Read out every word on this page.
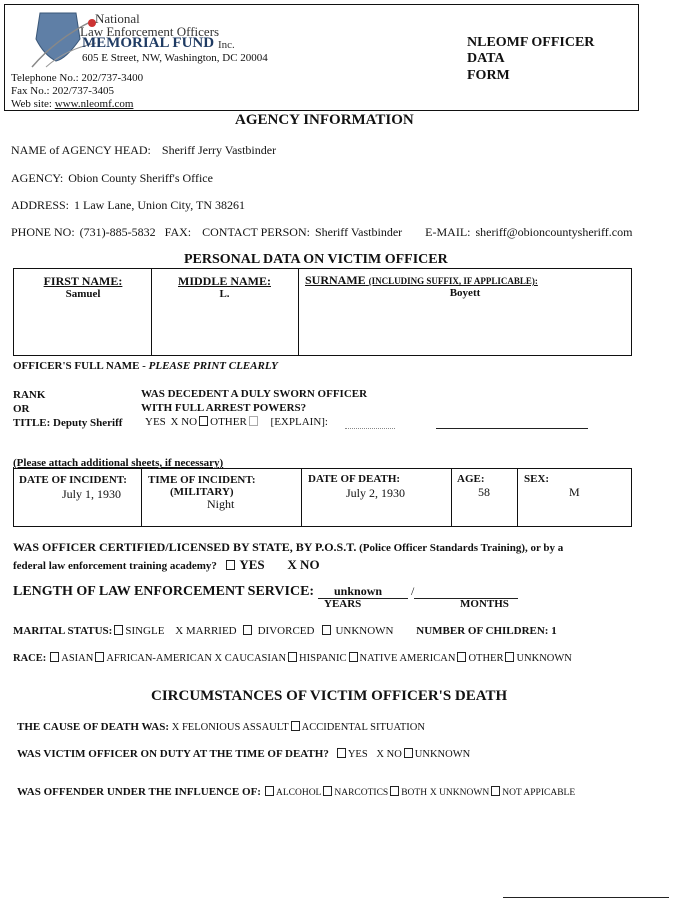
National
Law Enforcement Officers
MEMORIAL FUND Inc.
605 E Street, NW, Washington, DC 20004
Telephone No.: 202/737-3400
Fax No.: 202/737-3405
Web site: www.nleomf.com
NLEOMF OFFICER
DATA
FORM
AGENCY INFORMATION
NAME of AGENCY HEAD: Sheriff Jerry Vastbinder
AGENCY: Obion County Sheriff's Office
ADDRESS: 1 Law Lane, Union City, TN 38261
PHONE NO: (731)-885-5832 FAX: CONTACT PERSON: Sheriff Vastbinder E-MAIL: sheriff@obioncountysheriff.com
PERSONAL DATA ON VICTIM OFFICER
FIRST NAME:
Samuel
MIDDLE NAME:
L.
SURNAME (INCLUDING SUFFIX, IF APPLICABLE):
Boyett
OFFICER'S FULL NAME - PLEASE PRINT CLEARLY
RANK
OR
TITLE: Deputy Sheriff
WAS DECEDENT A DULY SWORN OFFICER
WITH FULL ARREST POWERS?
YES X NO OTHER [EXPLAIN]:
(Please attach additional sheets, if necessary)
DATE OF INCIDENT:
July 1, 1930
TIME OF INCIDENT:
(MILITARY)
Night
DATE OF DEATH:
July 2, 1930
AGE:
58
SEX:
M
WAS OFFICER CERTIFIED/LICENSED BY STATE, BY P.O.S.T. (Police Officer Standards Training), or by a
federal law enforcement training academy? YES X NO
LENGTH OF LAW ENFORCEMENT SERVICE: unknown /
YEARS	MONTHS
MARITAL STATUS: SINGLE X MARRIED DIVORCED UNKNOWN NUMBER OF CHILDREN: 1
RACE: ASIAN AFRICAN-AMERICAN X CAUCASIAN HISPANIC NATIVE AMERICAN OTHER UNKNOWN
CIRCUMSTANCES OF VICTIM OFFICER'S DEATH
THE CAUSE OF DEATH WAS: X FELONIOUS ASSAULT ACCIDENTAL SITUATION
WAS VICTIM OFFICER ON DUTY AT THE TIME OF DEATH? YES X NO UNKNOWN
WAS OFFENDER UNDER THE INFLUENCE OF: ALCOHOL NARCOTICS BOTH X UNKNOWN NOT APPICABLE
